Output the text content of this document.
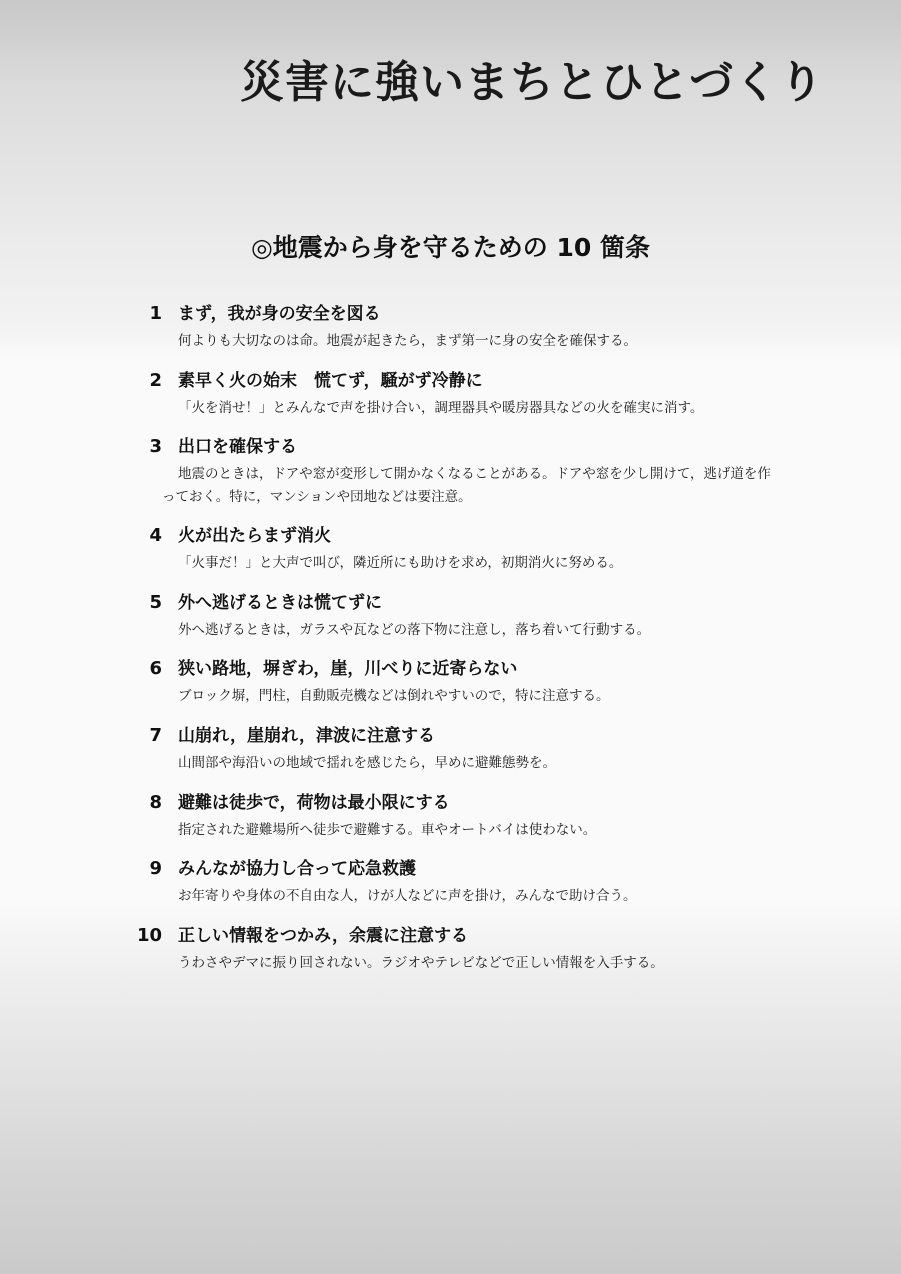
災害に強いまちとひとづくり
◎地震から身を守るための 10 箇条
1 まず，我が身の安全を図る

何よりも大切なのは命。地震が起きたら，まず第一に身の安全を確保する。

2 素早く火の始末　慌てず，騒がず冷静に

「火を消せ！」とみんなで声を掛け合い，調理器具や暖房器具などの火を確実に消す。

3 出口を確保する

地震のときは，ドアや窓が変形して開かなくなることがある。ドアや窓を少し開けて，逃げ道を作っておく。特に，マンションや団地などは要注意。

4 火が出たらまず消火

「火事だ！」と大声で叫び，隣近所にも助けを求め，初期消火に努める。

5 外へ逃げるときは慌てずに

外へ逃げるときは，ガラスや瓦などの落下物に注意し，落ち着いて行動する。

6 狭い路地，塀ぎわ，崖，川べりに近寄らない

ブロック塀，門柱，自動販売機などは倒れやすいので，特に注意する。

7 山崩れ，崖崩れ，津波に注意する

山間部や海沿いの地域で揺れを感じたら，早めに避難態勢を。

8 避難は徒歩で，荷物は最小限にする

指定された避難場所へ徒歩で避難する。車やオートバイは使わない。

9 みんなが協力し合って応急救護

お年寄りや身体の不自由な人，けが人などに声を掛け，みんなで助け合う。

10 正しい情報をつかみ，余震に注意する

うわさやデマに振り回されない。ラジオやテレビなどで正しい情報を入手する。
